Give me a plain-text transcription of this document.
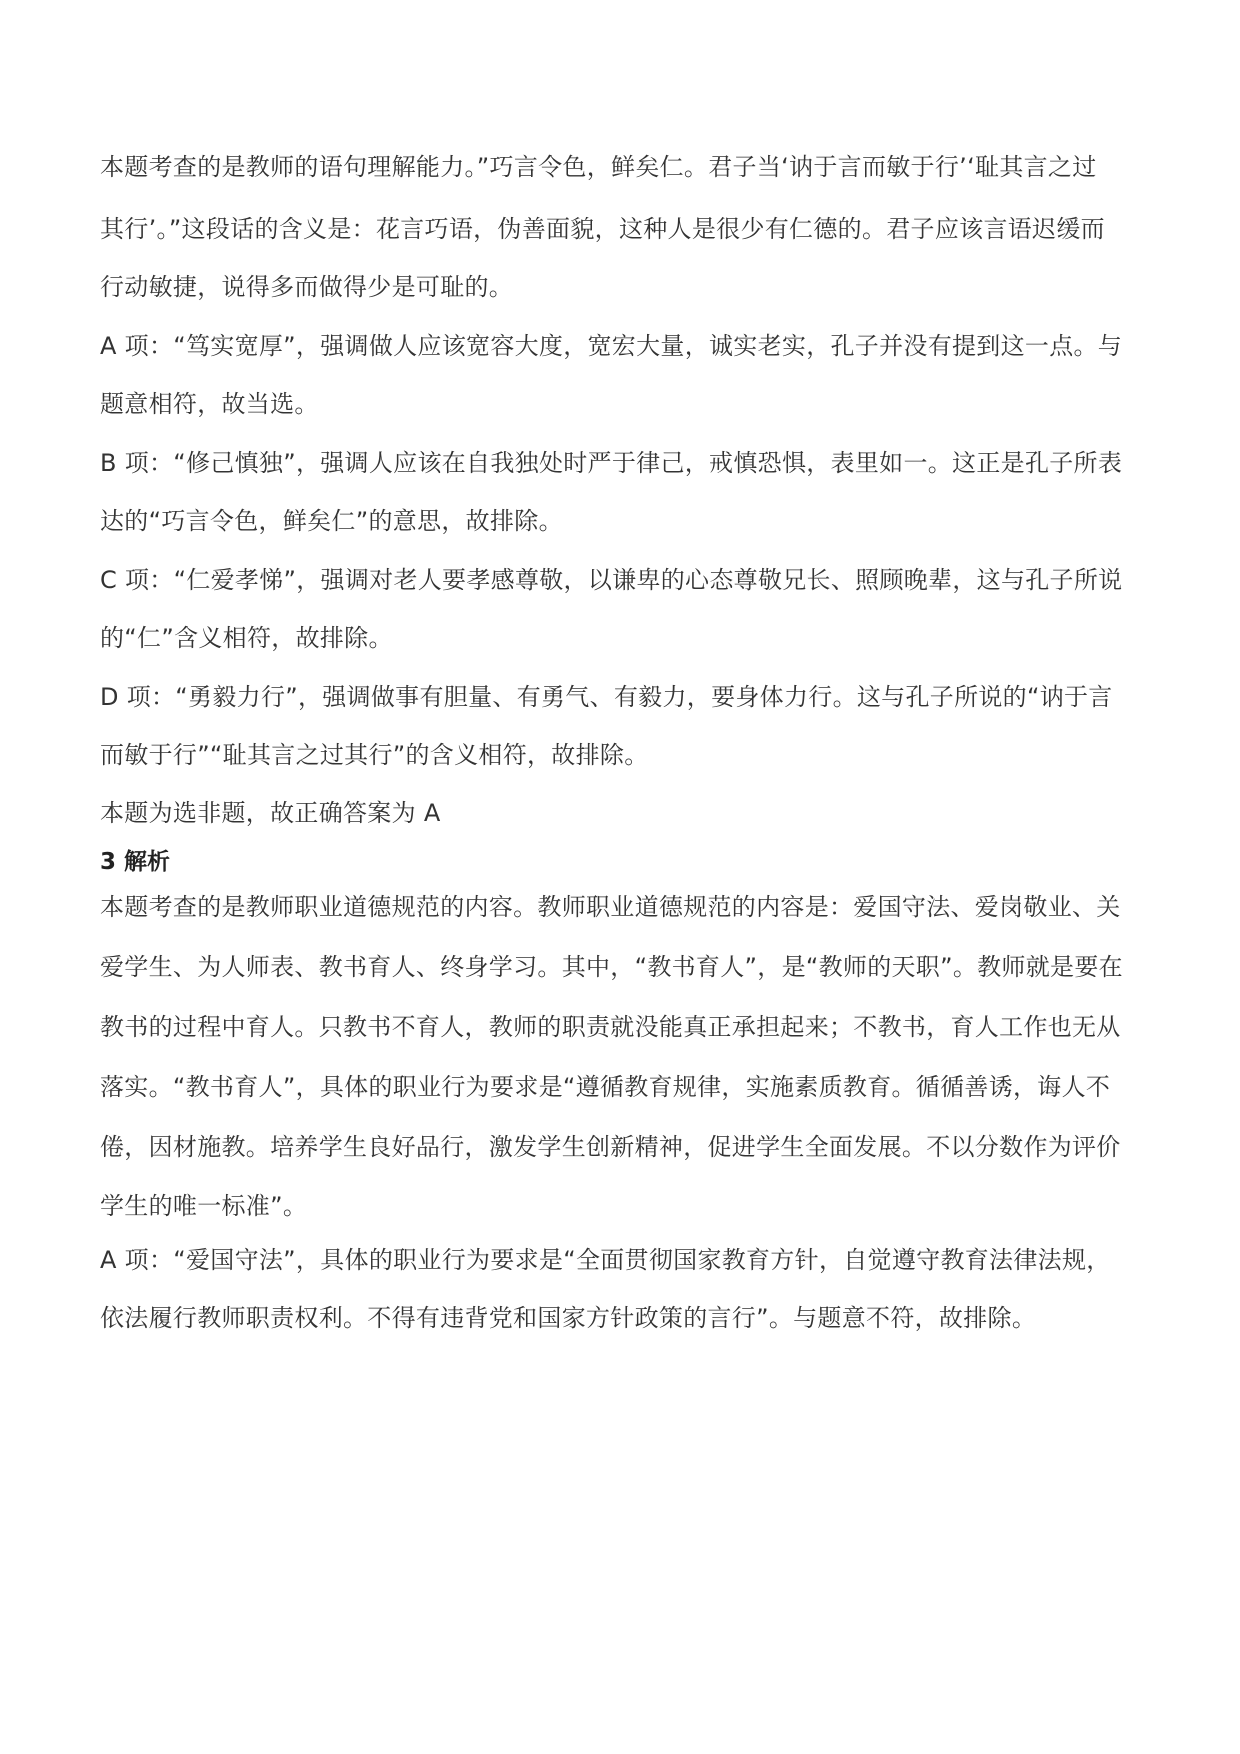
本题考查的是教师的语句理解能力。”巧言令色，鲜矣仁。君子当‘讷于言而敏于行’‘耻其言之过
其行’。”这段话的含义是：花言巧语，伪善面貌，这种人是很少有仁德的。君子应该言语迟缓而
行动敏捷，说得多而做得少是可耻的。
A 项：“笃实宽厚”，强调做人应该宽容大度，宽宏大量，诚实老实，孔子并没有提到这一点。与
题意相符，故当选。
B 项：“修己慎独”，强调人应该在自我独处时严于律己，戒慎恐惧，表里如一。这正是孔子所表
达的“巧言令色，鲜矣仁”的意思，故排除。
C 项：“仁爱孝悌”，强调对老人要孝感尊敬，以谦卑的心态尊敬兄长、照顾晚辈，这与孔子所说
的“仁”含义相符，故排除。
D 项：“勇毅力行”，强调做事有胆量、有勇气、有毅力，要身体力行。这与孔子所说的“讷于言
而敏于行”“耻其言之过其行”的含义相符，故排除。
本题为选非题，故正确答案为 A
3 解析
本题考查的是教师职业道德规范的内容。教师职业道德规范的内容是：爱国守法、爱岗敬业、关
爱学生、为人师表、教书育人、终身学习。其中，“教书育人”，是“教师的天职”。教师就是要在
教书的过程中育人。只教书不育人，教师的职责就没能真正承担起来；不教书，育人工作也无从
落实。“教书育人”，具体的职业行为要求是“遵循教育规律，实施素质教育。循循善诱，诲人不
倦，因材施教。培养学生良好品行，激发学生创新精神，促进学生全面发展。不以分数作为评价
学生的唯一标准”。
A 项：“爱国守法”，具体的职业行为要求是“全面贯彻国家教育方针，自觉遵守教育法律法规，
依法履行教师职责权利。不得有违背党和国家方针政策的言行”。与题意不符，故排除。
